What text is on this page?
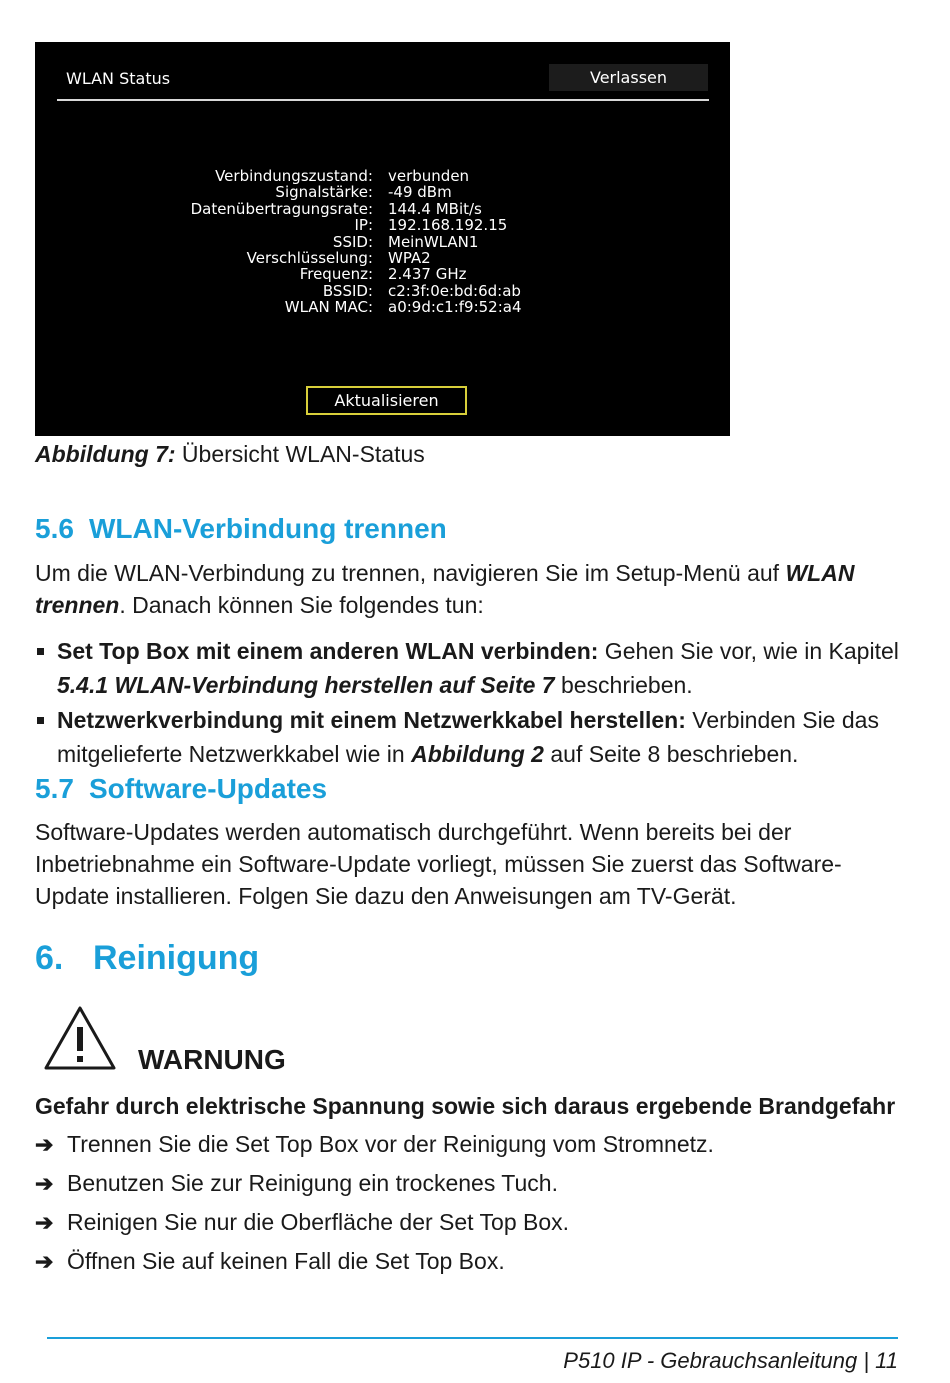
WLAN Status	Verlassen
Verbindungszustand:	verbunden
Signalstärke:	-49 dBm
Datenübertragungsrate:	144.4 MBit/s
IP:	192.168.192.15
SSID:	MeinWLAN1
Verschlüsselung:	WPA2
Frequenz:	2.437 GHz
BSSID:	c2:3f:0e:bd:6d:ab
WLAN MAC:	a0:9d:c1:f9:52:a4
Aktualisieren
Abbildung 7: Übersicht WLAN-Status
5.6 WLAN-Verbindung trennen
Um die WLAN-Verbindung zu trennen, navigieren Sie im Setup-Menü auf WLAN trennen. Danach können Sie folgendes tun:
Set Top Box mit einem anderen WLAN verbinden: Gehen Sie vor, wie in Kapitel 5.4.1 WLAN-Verbindung herstellen auf Seite 7 beschrieben.
Netzwerkverbindung mit einem Netzwerkkabel herstellen: Verbinden Sie das mitgelieferte Netzwerkkabel wie in Abbildung 2 auf Seite 8 beschrieben.
5.7 Software-Updates
Software-Updates werden automatisch durchgeführt. Wenn bereits bei der Inbetriebnahme ein Software-Update vorliegt, müssen Sie zuerst das Software-Update installieren. Folgen Sie dazu den Anweisungen am TV-Gerät.
6. Reinigung
WARNUNG
Gefahr durch elektrische Spannung sowie sich daraus ergebende Brandgefahr
➔ Trennen Sie die Set Top Box vor der Reinigung vom Stromnetz.
➔ Benutzen Sie zur Reinigung ein trockenes Tuch.
➔ Reinigen Sie nur die Oberfläche der Set Top Box.
➔ Öffnen Sie auf keinen Fall die Set Top Box.
P510 IP - Gebrauchsanleitung | 11
